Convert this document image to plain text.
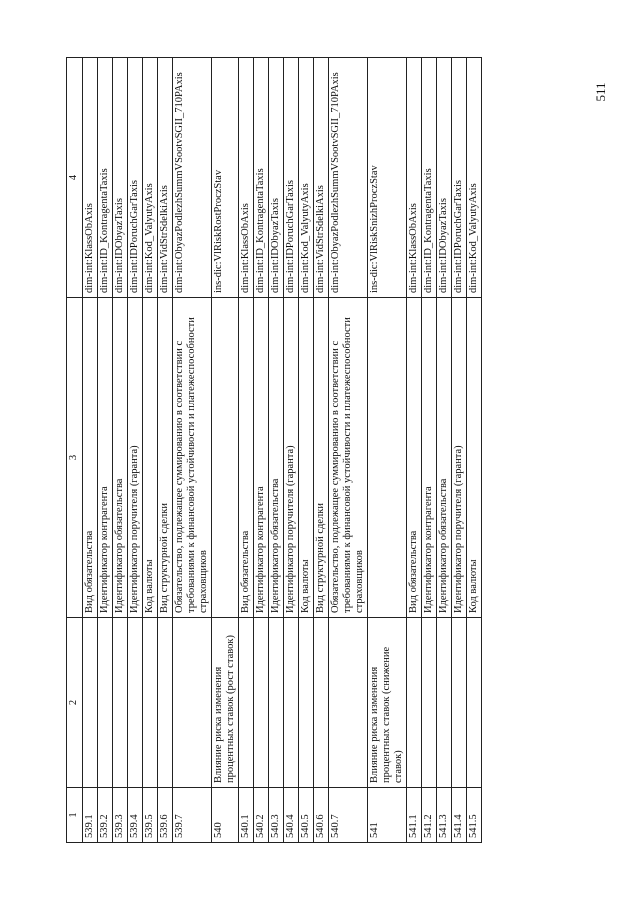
511
1	2	3	4
539.1		Вид обязательства	dim-int:KlassObAxis
539.2		Идентификатор контрагента	dim-int:ID_KontragentaTaxis
539.3		Идентификатор обязательства	dim-int:IDObyazTaxis
539.4		Идентификатор поручителя (гаранта)	dim-int:IDPoruchGarTaxis
539.5		Код валюты	dim-int:Kod_ValyutyAxis
539.6		Вид структурной сделки	dim-int:VidStrSdelkiAxis
539.7		Обязательство, подлежащее суммированию в соответствии с требованиями к финансовой устойчивости и платежеспособности страховщиков	dim-int:ObyazPodlezhSummVSootvSGII_710PAxis
540	Влияние риска изменения процентных ставок (рост ставок)		ins-dic:VlRiskRostProczStav
540.1		Вид обязательства	dim-int:KlassObAxis
540.2		Идентификатор контрагента	dim-int:ID_KontragentaTaxis
540.3		Идентификатор обязательства	dim-int:IDObyazTaxis
540.4		Идентификатор поручителя (гаранта)	dim-int:IDPoruchGarTaxis
540.5		Код валюты	dim-int:Kod_ValyutyAxis
540.6		Вид структурной сделки	dim-int:VidStrSdelkiAxis
540.7		Обязательство, подлежащее суммированию в соответствии с требованиями к финансовой устойчивости и платежеспособности страховщиков	dim-int:ObyazPodlezhSummVSootvSGII_710PAxis
541	Влияние риска изменения процентных ставок (снижение ставок)		ins-dic:VlRiskSnizhProczStav
541.1		Вид обязательства	dim-int:KlassObAxis
541.2		Идентификатор контрагента	dim-int:ID_KontragentaTaxis
541.3		Идентификатор обязательства	dim-int:IDObyazTaxis
541.4		Идентификатор поручителя (гаранта)	dim-int:IDPoruchGarTaxis
541.5		Код валюты	dim-int:Kod_ValyutyAxis
